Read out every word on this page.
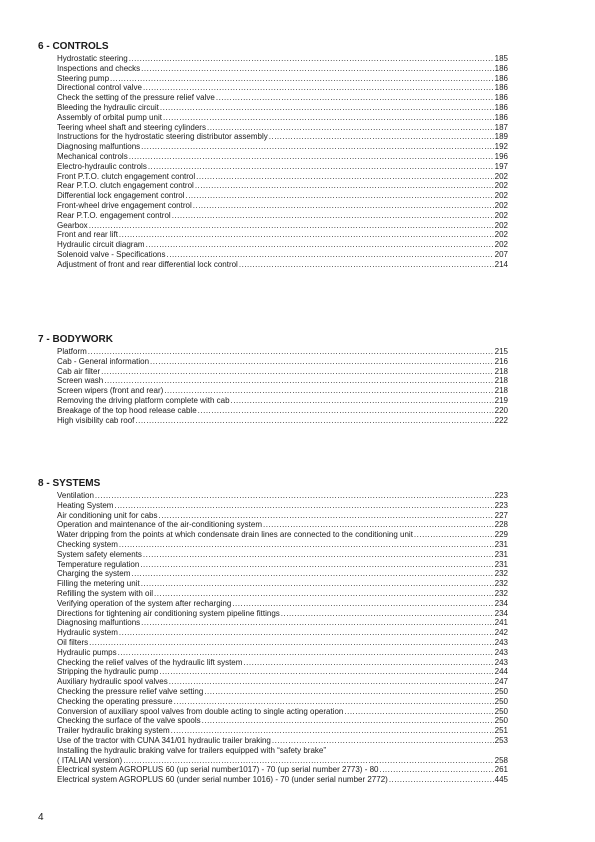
6 - CONTROLS
Hydrostatic steering .....	185
Inspections and checks .....	186
Steering pump .....	186
Directional control valve .....	186
Check the setting of the pressure relief valve .....	186
Bleeding the hydraulic circuit .....	186
Assembly of orbital pump unit .....	186
Teering wheel shaft and steering cylinders .....	187
Instructions for the hydrostatic steering distributor assembly .....	189
Diagnosing malfuntions .....	192
Mechanical controls .....	196
Electro-hydraulic controls .....	197
Front P.T.O. clutch engagement control .....	202
Rear P.T.O. clutch engagement control .....	202
Differential lock engagement control .....	202
Front-wheel drive engagement control .....	202
Rear P.T.O. engagement control .....	202
Gearbox .....	202
Front and rear lift .....	202
Hydraulic circuit diagram .....	202
Solenoid valve - Specifications .....	207
Adjustment of front and rear differential lock control .....	214
7 - BODYWORK
Platform .....	215
Cab - General information .....	216
Cab air filter .....	218
Screen wash .....	218
Screen wipers (front and rear) .....	218
Removing the driving platform complete with cab .....	219
Breakage of the top hood release cable .....	220
High visibility cab roof .....	222
8 - SYSTEMS
Ventilation .....	223
Heating System .....	223
Air conditioning unit for cabs .....	227
Operation and maintenance of the air-conditioning system .....	228
Water dripping from the points at which condensate drain lines are connected to the conditioning unit .....	229
Checking system .....	231
System safety elements .....	231
Temperature regulation .....	231
Charging the system .....	232
Filling the metering unit .....	232
Refilling the system with oil .....	232
Verifying operation of the system after recharging .....	234
Directions for tightening air conditioning system pipeline fittings .....	234
Diagnosing malfuntions .....	241
Hydraulic system .....	242
Oil filters .....	243
Hydraulic pumps .....	243
Checking the relief valves of the hydraulic lift system .....	243
Stripping the hydraulic pump .....	244
Auxiliary hydraulic spool valves .....	247
Checking the pressure relief valve setting .....	250
Checking the operating pressure .....	250
Conversion of auxiliary spool valves from double acting to single acting operation .....	250
Checking the surface of the valve spools .....	250
Trailer hydraulic braking system .....	251
Use of the tractor with CUNA 341/01 hydraulic trailer braking .....	253
Installing the hydraulic braking valve for trailers equipped with “safety brake”
( ITALIAN version) .....	258
Electrical system AGROPLUS 60 (up serial number1017) - 70 (up serial number 2773) - 80 .....	261
Electrical system AGROPLUS 60 (under serial number 1016) - 70 (under serial number 2772) .....	445
4
